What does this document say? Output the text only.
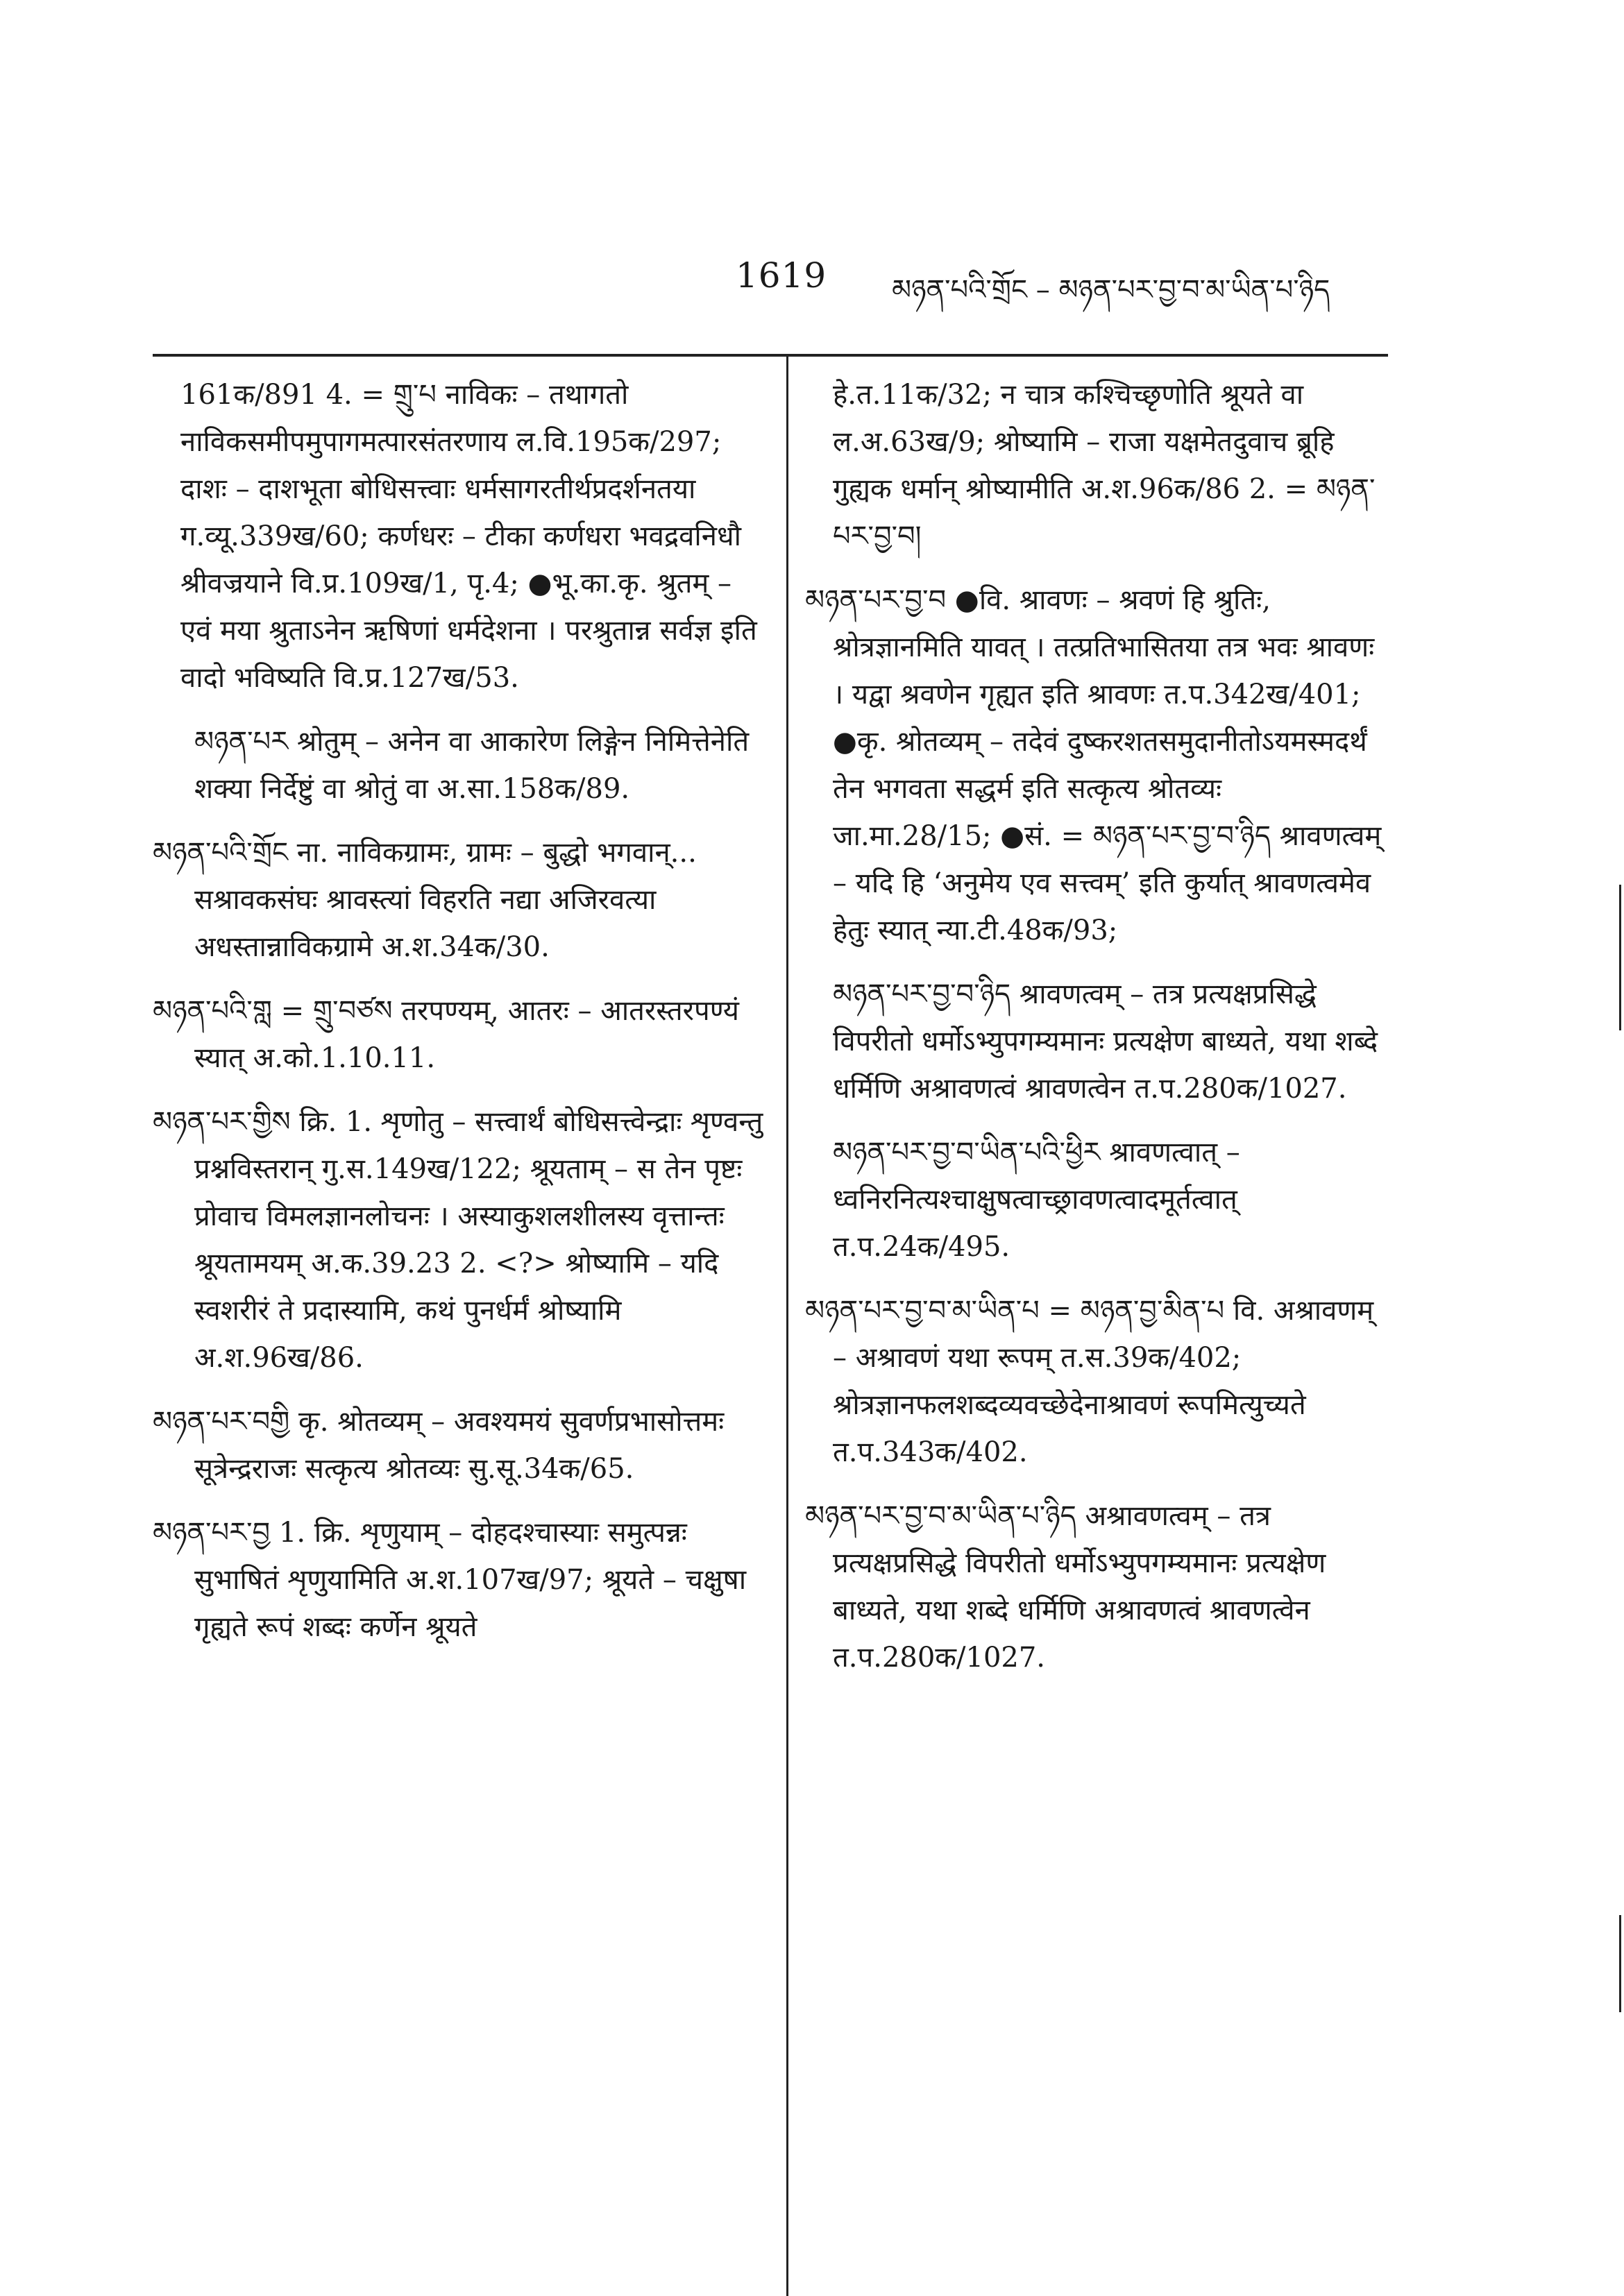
1619 མཉན་པའི་གྲོང – མཉན་པར་བྱ་བ་མ་ཡིན་པ་ཉིད

161क/891 4. = གྲུ་པ नाविकः – तथागतो नाविकसमीपमुपागमत्पारसंतरणाय ल.वि.195क/297; दाशः – दाशभूता बोधिसत्त्वाः धर्मसागरतीर्थप्रदर्शनतया ग.व्यू.339ख/60; कर्णधरः – टीका कर्णधरा भवद्रवनिधौ श्रीवज्रयाने वि.प्र.109ख/1, पृ.4; ●भू.का.कृ. श्रुतम् – एवं मया श्रुताऽनेन ऋषिणां धर्मदेशना । परश्रुतान्न सर्वज्ञ इति वादो भविष्यति वि.प्र.127ख/53.

མཉན་པར श्रोतुम् – अनेन वा आकारेण लिङ्गेन निमित्तेनेति शक्या निर्देष्टुं वा श्रोतुं वा अ.सा.158क/89.

མཉན་པའི་གྲོང ना. नाविकग्रामः, ग्रामः – बुद्धो भगवान्... सश्रावकसंघः श्रावस्त्यां विहरति नद्या अजिरवत्या अधस्तान्नाविकग्रामे अ.श.34क/30.

མཉན་པའི་གླ = གྲུ་བཙས तरपण्यम्, आतरः – आतरस्तरपण्यं स्यात् अ.को.1.10.11.

མཉན་པར་གྱིས क्रि. 1. शृणोतु – सत्त्वार्थं बोधिसत्त्वेन्द्राः शृण्वन्तु प्रश्नविस्तरान् गु.स.149ख/122; श्रूयताम् – स तेन पृष्टः प्रोवाच विमलज्ञानलोचनः । अस्याकुशलशीलस्य वृत्तान्तः श्रूयतामयम् अ.क.39.23 2. <?> श्रोष्यामि – यदि स्वशरीरं ते प्रदास्यामि, कथं पुनर्धर्मं श्रोष्यामि अ.श.96ख/86.

མཉན་པར་བགྱི कृ. श्रोतव्यम् – अवश्यमयं सुवर्णप्रभासोत्तमः सूत्रेन्द्रराजः सत्कृत्य श्रोतव्यः सु.सू.34क/65.

མཉན་པར་བྱ 1. क्रि. शृणुयाम् – दोहदश्चास्याः समुत्पन्नः सुभाषितं शृणुयामिति अ.श.107ख/97; श्रूयते – चक्षुषा गृह्यते रूपं शब्दः कर्णेन श्रूयते

हे.त.11क/32; न चात्र कश्चिच्छृणोति श्रूयते वा ल.अ.63ख/9; श्रोष्यामि – राजा यक्षमेतदुवाच ब्रूहि गुह्यक धर्मान् श्रोष्यामीति अ.श.96क/86 2. = མཉན་པར་བྱ་བ།

མཉན་པར་བྱ་བ ●वि. श्रावणः – श्रवणं हि श्रुतिः, श्रोत्रज्ञानमिति यावत् । तत्प्रतिभासितया तत्र भवः श्रावणः । यद्वा श्रवणेन गृह्यत इति श्रावणः त.प.342ख/401; ●कृ. श्रोतव्यम् – तदेवं दुष्करशतसमुदानीतोऽयमस्मदर्थं तेन भगवता सद्धर्म इति सत्कृत्य श्रोतव्यः जा.मा.28/15; ●सं. = མཉན་པར་བྱ་བ་ཉིད श्रावणत्वम् – यदि हि ‘अनुमेय एव सत्त्वम्’ इति कुर्यात् श्रावणत्वमेव हेतुः स्यात् न्या.टी.48क/93;

མཉན་པར་བྱ་བ་ཉིད श्रावणत्वम् – तत्र प्रत्यक्षप्रसिद्धे विपरीतो धर्मोऽभ्युपगम्यमानः प्रत्यक्षेण बाध्यते, यथा शब्दे धर्मिणि अश्रावणत्वं श्रावणत्वेन त.प.280क/1027.

མཉན་པར་བྱ་བ་ཡིན་པའི་ཕྱིར श्रावणत्वात् – ध्वनिरनित्यश्चाक्षुषत्वाच्छ्रावणत्वादमूर्तत्वात् त.प.24क/495.

མཉན་པར་བྱ་བ་མ་ཡིན་པ = མཉན་བྱ་མིན་པ वि. अश्रावणम् – अश्रावणं यथा रूपम् त.स.39क/402; श्रोत्रज्ञानफलशब्दव्यवच्छेदेनाश्रावणं रूपमित्युच्यते त.प.343क/402.

མཉན་པར་བྱ་བ་མ་ཡིན་པ་ཉིད अश्रावणत्वम् – तत्र प्रत्यक्षप्रसिद्धे विपरीतो धर्मोऽभ्युपगम्यमानः प्रत्यक्षेण बाध्यते, यथा शब्दे धर्मिणि अश्रावणत्वं श्रावणत्वेन त.प.280क/1027.
